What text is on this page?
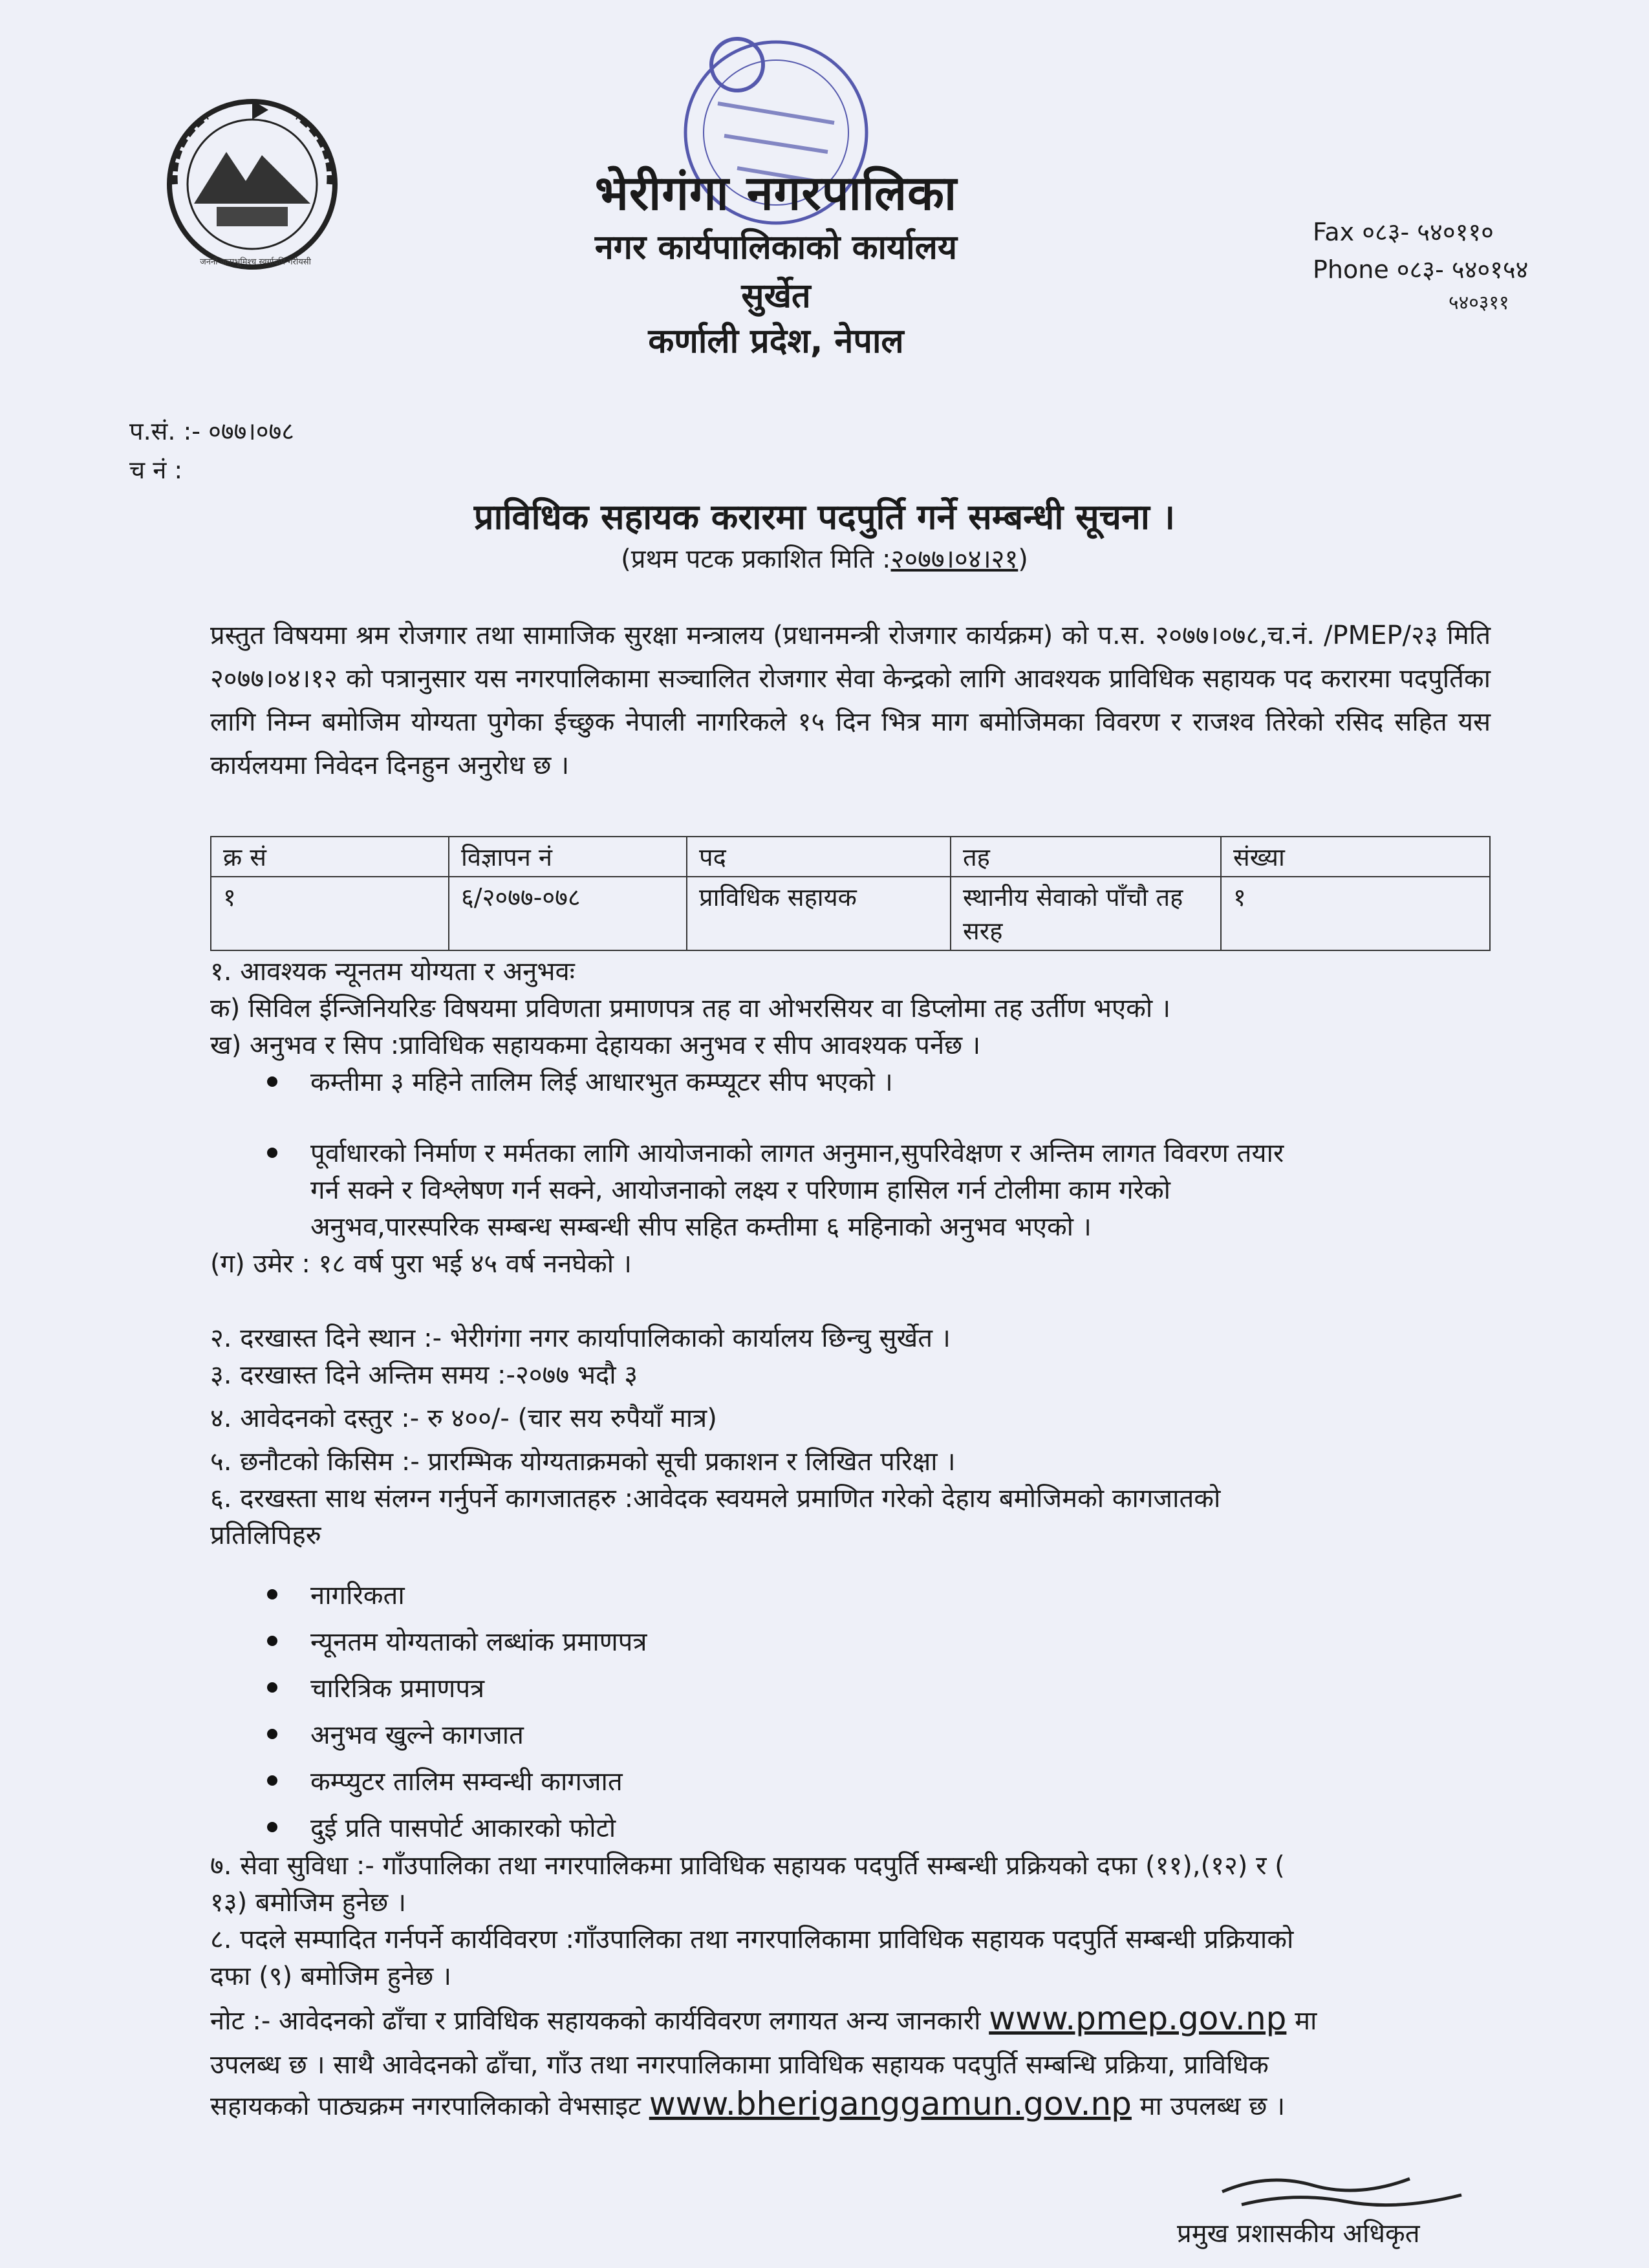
जननी जन्मभूमिश्च स्वर्गादपि गरीयसी
भेरीगंगा नगरपालिका
नगर कार्यपालिकाको कार्यालय
सुर्खेत
कर्णाली प्रदेश, नेपाल
Fax ०८३- ५४०११०
Phone ०८३- ५४०१५४
५४०३११
प.सं. :- ०७७।०७८
च नं :
प्राविधिक सहायक करारमा पदपुर्ति गर्ने सम्बन्धी सूचना ।
(प्रथम पटक प्रकाशित मिति :२०७७।०४।२१)
प्रस्तुत विषयमा श्रम रोजगार तथा सामाजिक सुरक्षा मन्त्रालय (प्रधानमन्त्री रोजगार कार्यक्रम) को प.स. २०७७।०७८,च.नं. /PMEP/२३ मिति २०७७।०४।१२ को पत्रानुसार यस नगरपालिकामा सञ्चालित रोजगार सेवा केन्द्रको लागि आवश्यक प्राविधिक सहायक पद करारमा पदपुर्तिका लागि निम्न बमोजिम योग्यता पुगेका ईच्छुक नेपाली नागरिकले १५ दिन भित्र माग बमोजिमका विवरण र राजश्व तिरेको रसिद सहित यस कार्यलयमा निवेदन दिनहुन अनुरोध छ ।
क्र सं	विज्ञापन नं	पद	तह	संख्या
१	६/२०७७-०७८	प्राविधिक सहायक	स्थानीय सेवाको पाँचौ तह सरह	१
१. आवश्यक न्यूनतम योग्यता र अनुभवः
क) सिविल ईन्जिनियरिङ विषयमा प्रविणता प्रमाणपत्र तह वा ओभरसियर वा डिप्लोमा तह उर्तीण भएको ।
ख) अनुभव र सिप :प्राविधिक सहायकमा देहायका अनुभव र सीप आवश्यक पर्नेछ ।
कम्तीमा ३ महिने तालिम लिई आधारभुत कम्प्यूटर सीप भएको ।
पूर्वाधारको निर्माण र मर्मतका लागि आयोजनाको लागत अनुमान,सुपरिवेक्षण र अन्तिम लागत विवरण तयार
गर्न सक्ने र विश्लेषण गर्न सक्ने, आयोजनाको लक्ष्य र परिणाम हासिल गर्न टोलीमा काम गरेको
अनुभव,पारस्परिक सम्बन्ध सम्बन्धी सीप सहित कम्तीमा ६ महिनाको अनुभव भएको ।
(ग) उमेर : १८ वर्ष पुरा भई ४५ वर्ष ननघेको ।
२. दरखास्त दिने स्थान :- भेरीगंगा नगर कार्यापालिकाको कार्यालय छिन्चु सुर्खेत ।
३. दरखास्त दिने अन्तिम समय :-२०७७ भदौ ३
४. आवेदनको दस्तुर :- रु ४००/- (चार सय रुपैयाँ मात्र)
५. छनौटको किसिम :- प्रारम्भिक योग्यताक्रमको सूची प्रकाशन र लिखित परिक्षा ।
६. दरखस्ता साथ संलग्न गर्नुपर्ने कागजातहरु :आवेदक स्वयमले प्रमाणित गरेको देहाय बमोजिमको कागजातको
प्रतिलिपिहरु
नागरिकता
न्यूनतम योग्यताको लब्धांक प्रमाणपत्र
चारित्रिक प्रमाणपत्र
अनुभव खुल्ने कागजात
कम्प्युटर तालिम सम्वन्धी कागजात
दुई प्रति पासपोर्ट आकारको फोटो
७. सेवा सुविधा :- गाँउपालिका तथा नगरपालिकमा प्राविधिक सहायक पदपुर्ति सम्बन्धी प्रक्रियको दफा (११),(१२) र (
१३) बमोजिम हुनेछ ।
८. पदले सम्पादित गर्नपर्ने कार्यविवरण :गाँउपालिका तथा नगरपालिकामा प्राविधिक सहायक पदपुर्ति सम्बन्धी प्रक्रियाको
दफा (९) बमोजिम हुनेछ ।
नोट :- आवेदनको ढाँचा र प्राविधिक सहायकको कार्यविवरण लगायत अन्य जानकारी www.pmep.gov.np मा
उपलब्ध छ । साथै आवेदनको ढाँचा, गाँउ तथा नगरपालिकामा प्राविधिक सहायक पदपुर्ति सम्बन्धि प्रक्रिया, प्राविधिक
सहायकको पाठ्यक्रम नगरपालिकाको वेभसाइट www.bheriganggamun.gov.np मा उपलब्ध छ ।
प्रमुख प्रशासकीय अधिकृत
